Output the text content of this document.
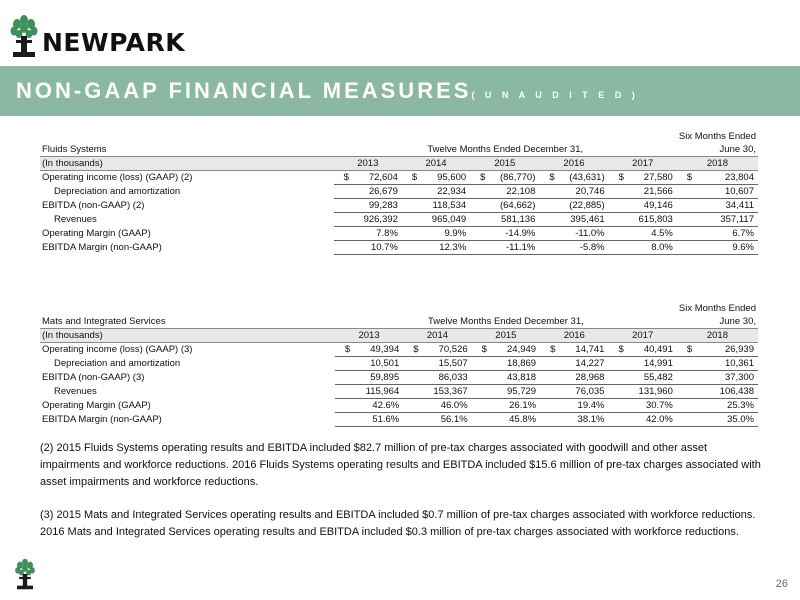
NEWPARK
NON-GAAP FINANCIAL MEASURES( U N A U D I T E D )
						Six Months Ended
Fluids Systems	Twelve Months Ended December 31,					June 30,
(In thousands)	2013	2014	2015	2016	2017	2018
Operating income (loss) (GAAP) (2)	$ 72,604	$ 95,600	$ (86,770)	$ (43,631)	$ 27,580	$ 23,804

Depreciation and amortization	26,679	22,934	22,108	20,746	21,566	10,607

EBITDA (non-GAAP) (2)	99,283	118,534	(64,662)	(22,885)	49,146	34,411

Revenues	926,392	965,049	581,136	395,461	615,803	357,117

Operating Margin (GAAP)	7.8%	9.9%	-14.9%	-11.0%	4.5%	6.7%

EBITDA Margin (non-GAAP)	10.7%	12.3%	-11.1%	-5.8%	8.0%	9.6%
						Six Months Ended
Mats and Integrated Services	Twelve Months Ended December 31,					June 30,
(In thousands)	2013	2014	2015	2016	2017	2018
Operating income (loss) (GAAP) (3)	$ 49,394	$ 70,526	$ 24,949	$ 14,741	$ 40,491	$ 26,939

Depreciation and amortization	10,501	15,507	18,869	14,227	14,991	10,361

EBITDA (non-GAAP) (3)	59,895	86,033	43,818	28,968	55,482	37,300

Revenues	115,964	153,367	95,729	76,035	131,960	106,438

Operating Margin (GAAP)	42.6%	46.0%	26.1%	19.4%	30.7%	25.3%

EBITDA Margin (non-GAAP)	51.6%	56.1%	45.8%	38.1%	42.0%	35.0%

(2) 2015 Fluids Systems operating results and EBITDA included $82.7 million of pre-tax charges associated with goodwill and other asset impairments and workforce reductions. 2016 Fluids Systems operating results and EBITDA included $15.6 million of pre-tax charges associated with asset impairments and workforce reductions.

(3) 2015 Mats and Integrated Services operating results and EBITDA included $0.7 million of pre-tax charges associated with workforce reductions. 2016 Mats and Integrated Services operating results and EBITDA included $0.3 million of pre-tax charges associated with workforce reductions.

26
